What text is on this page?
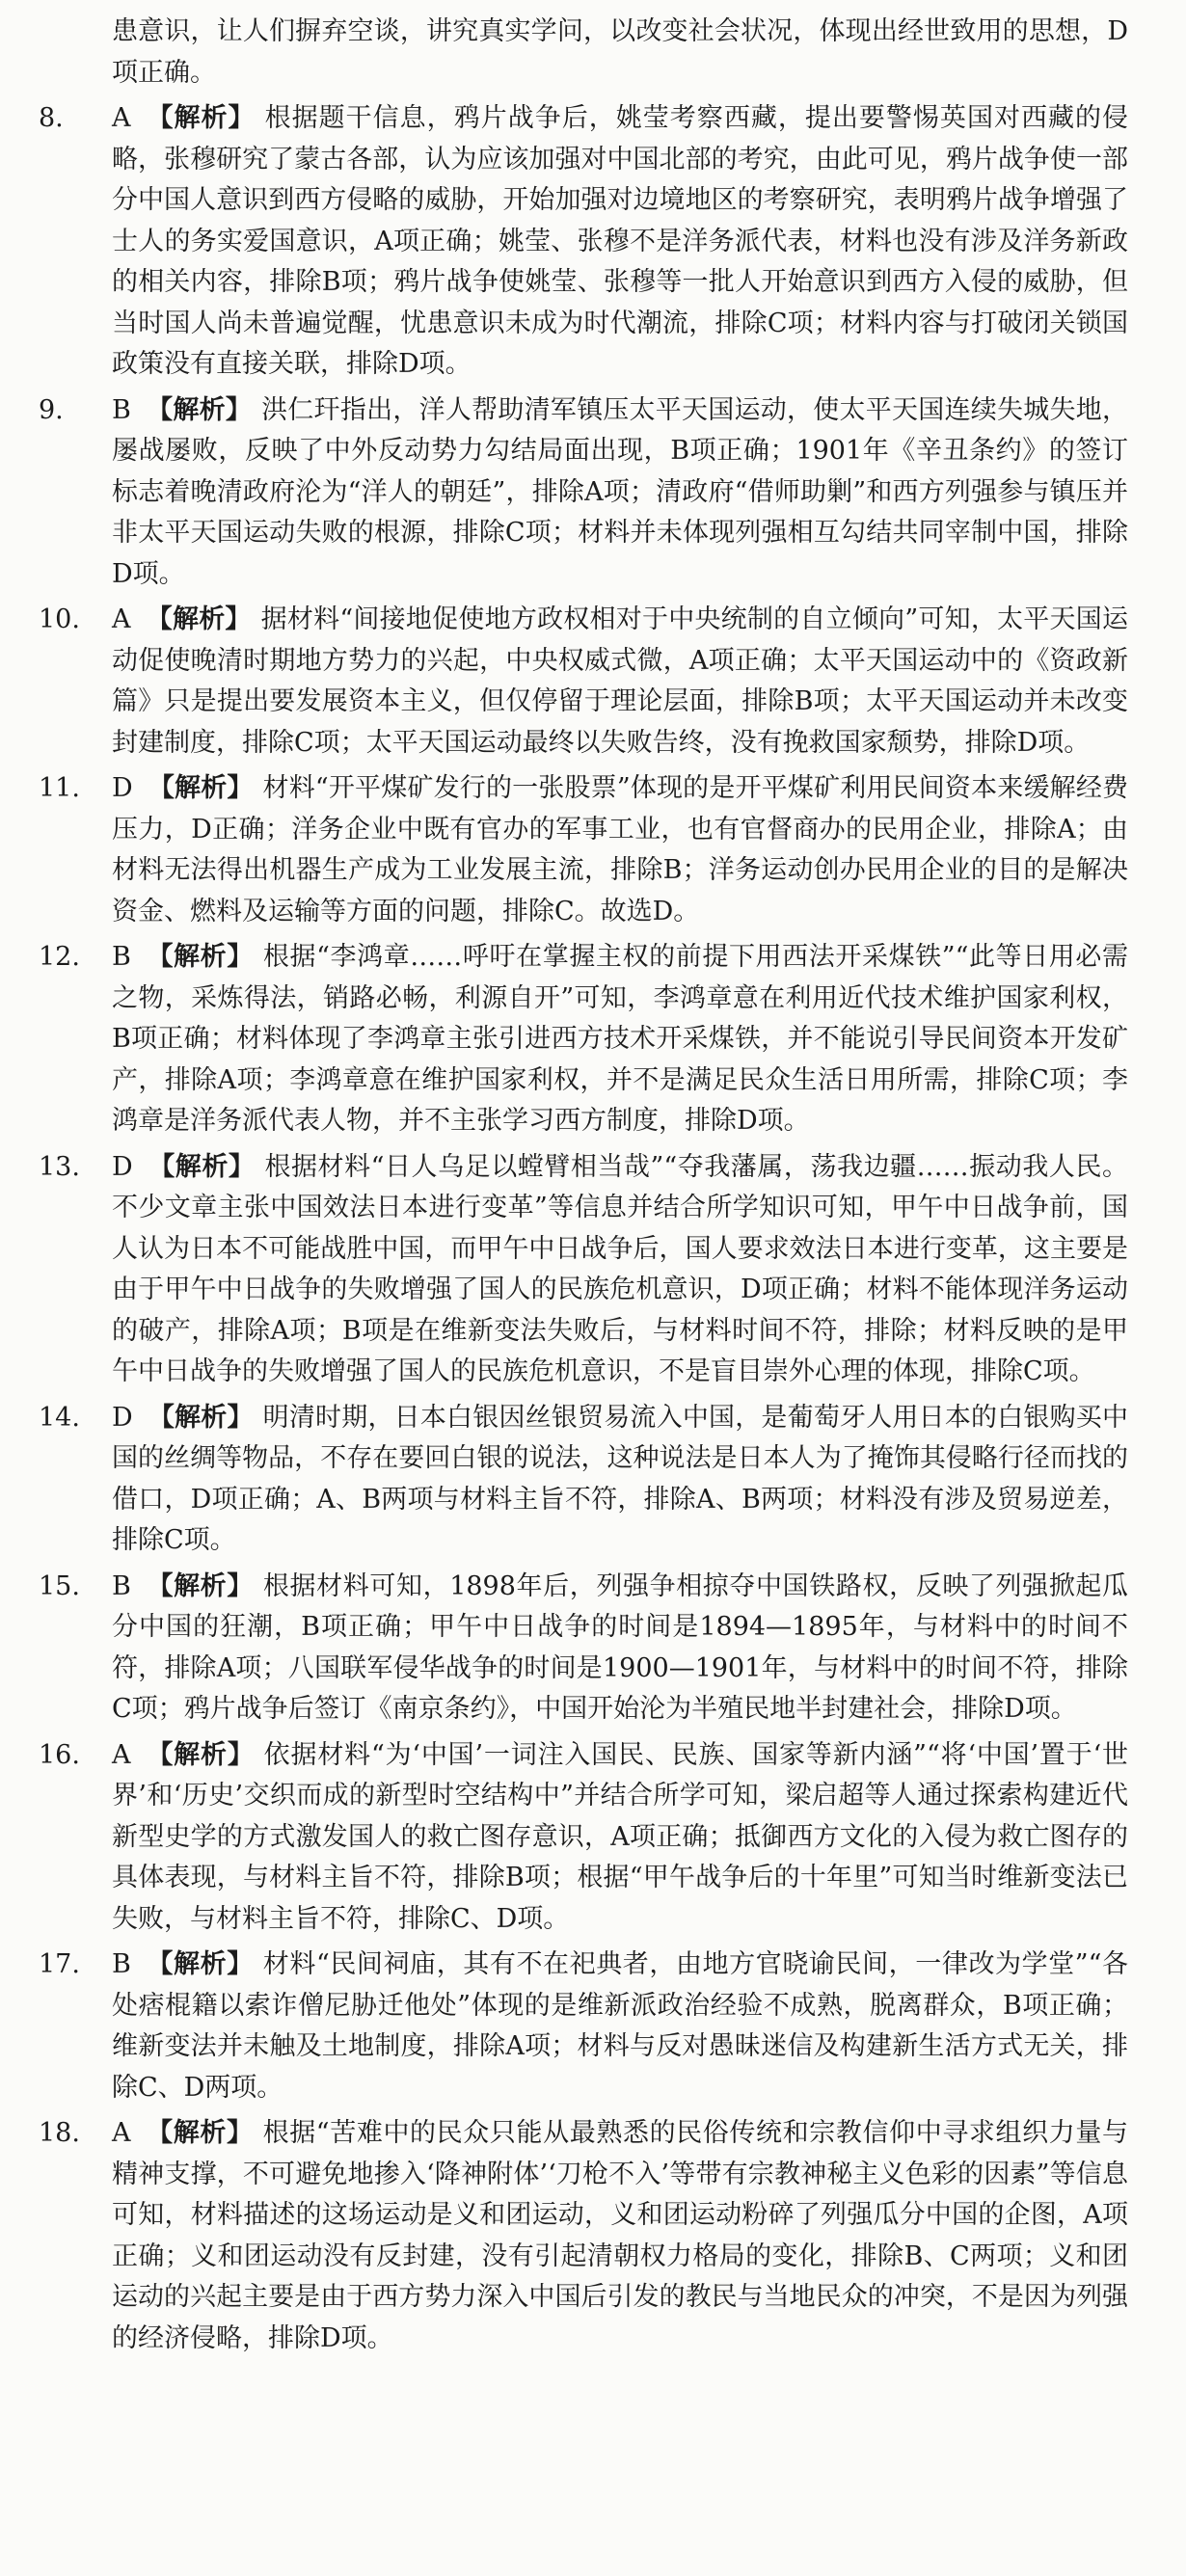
患意识，让人们摒弃空谈，讲究真实学问，以改变社会状况，体现出经世致用的思想，D项正确。
8.	A 【解析】 根据题干信息，鸦片战争后，姚莹考察西藏，提出要警惕英国对西藏的侵略，张穆研究了蒙古各部，认为应该加强对中国北部的考究，由此可见，鸦片战争使一部分中国人意识到西方侵略的威胁，开始加强对边境地区的考察研究，表明鸦片战争增强了士人的务实爱国意识，A项正确；姚莹、张穆不是洋务派代表，材料也没有涉及洋务新政的相关内容，排除B项；鸦片战争使姚莹、张穆等一批人开始意识到西方入侵的威胁，但当时国人尚未普遍觉醒，忧患意识未成为时代潮流，排除C项；材料内容与打破闭关锁国政策没有直接关联，排除D项。
9.	B 【解析】 洪仁玕指出，洋人帮助清军镇压太平天国运动，使太平天国连续失城失地，屡战屡败，反映了中外反动势力勾结局面出现，B项正确；1901年《辛丑条约》的签订标志着晚清政府沦为“洋人的朝廷”，排除A项；清政府“借师助剿”和西方列强参与镇压并非太平天国运动失败的根源，排除C项；材料并未体现列强相互勾结共同宰制中国，排除D项。
10.	A 【解析】 据材料“间接地促使地方政权相对于中央统制的自立倾向”可知，太平天国运动促使晚清时期地方势力的兴起，中央权威式微，A项正确；太平天国运动中的《资政新篇》只是提出要发展资本主义，但仅停留于理论层面，排除B项；太平天国运动并未改变封建制度，排除C项；太平天国运动最终以失败告终，没有挽救国家颓势，排除D项。
11.	D 【解析】 材料“开平煤矿发行的一张股票”体现的是开平煤矿利用民间资本来缓解经费压力，D正确；洋务企业中既有官办的军事工业，也有官督商办的民用企业，排除A；由材料无法得出机器生产成为工业发展主流，排除B；洋务运动创办民用企业的目的是解决资金、燃料及运输等方面的问题，排除C。故选D。
12.	B 【解析】 根据“李鸿章……呼吁在掌握主权的前提下用西法开采煤铁”“此等日用必需之物，采炼得法，销路必畅，利源自开”可知，李鸿章意在利用近代技术维护国家利权，B项正确；材料体现了李鸿章主张引进西方技术开采煤铁，并不能说引导民间资本开发矿产，排除A项；李鸿章意在维护国家利权，并不是满足民众生活日用所需，排除C项；李鸿章是洋务派代表人物，并不主张学习西方制度，排除D项。
13.	D 【解析】 根据材料“日人乌足以螳臂相当哉”“夺我藩属，荡我边疆……振动我人民。不少文章主张中国效法日本进行变革”等信息并结合所学知识可知，甲午中日战争前，国人认为日本不可能战胜中国，而甲午中日战争后，国人要求效法日本进行变革，这主要是由于甲午中日战争的失败增强了国人的民族危机意识，D项正确；材料不能体现洋务运动的破产，排除A项；B项是在维新变法失败后，与材料时间不符，排除；材料反映的是甲午中日战争的失败增强了国人的民族危机意识，不是盲目崇外心理的体现，排除C项。
14.	D 【解析】 明清时期，日本白银因丝银贸易流入中国，是葡萄牙人用日本的白银购买中国的丝绸等物品，不存在要回白银的说法，这种说法是日本人为了掩饰其侵略行径而找的借口，D项正确；A、B两项与材料主旨不符，排除A、B两项；材料没有涉及贸易逆差，排除C项。
15.	B 【解析】 根据材料可知，1898年后，列强争相掠夺中国铁路权，反映了列强掀起瓜分中国的狂潮，B项正确；甲午中日战争的时间是1894—1895年，与材料中的时间不符，排除A项；八国联军侵华战争的时间是1900—1901年，与材料中的时间不符，排除C项；鸦片战争后签订《南京条约》，中国开始沦为半殖民地半封建社会，排除D项。
16.	A 【解析】 依据材料“为‘中国’一词注入国民、民族、国家等新内涵”“将‘中国’置于‘世界’和‘历史’交织而成的新型时空结构中”并结合所学可知，梁启超等人通过探索构建近代新型史学的方式激发国人的救亡图存意识，A项正确；抵御西方文化的入侵为救亡图存的具体表现，与材料主旨不符，排除B项；根据“甲午战争后的十年里”可知当时维新变法已失败，与材料主旨不符，排除C、D项。
17.	B 【解析】 材料“民间祠庙，其有不在祀典者，由地方官晓谕民间，一律改为学堂”“各处痞棍籍以索诈僧尼胁迁他处”体现的是维新派政治经验不成熟，脱离群众，B项正确；维新变法并未触及土地制度，排除A项；材料与反对愚昧迷信及构建新生活方式无关，排除C、D两项。
18.	A 【解析】 根据“苦难中的民众只能从最熟悉的民俗传统和宗教信仰中寻求组织力量与精神支撑，不可避免地掺入‘降神附体’‘刀枪不入’等带有宗教神秘主义色彩的因素”等信息可知，材料描述的这场运动是义和团运动，义和团运动粉碎了列强瓜分中国的企图，A项正确；义和团运动没有反封建，没有引起清朝权力格局的变化，排除B、C两项；义和团运动的兴起主要是由于西方势力深入中国后引发的教民与当地民众的冲突，不是因为列强的经济侵略，排除D项。
